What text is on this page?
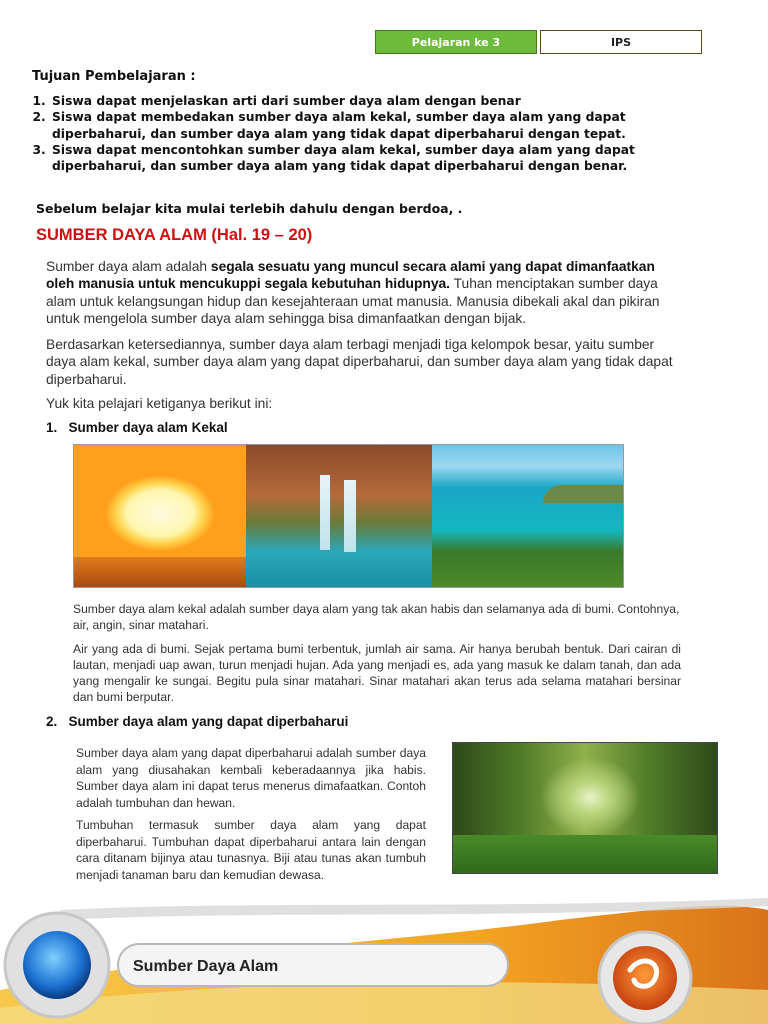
Pelajaran ke 3	IPS
Tujuan Pembelajaran :
1. Siswa dapat menjelaskan arti dari sumber daya alam dengan benar
2. Siswa dapat membedakan sumber daya alam kekal, sumber daya alam yang dapat diperbaharui, dan sumber daya alam yang tidak dapat diperbaharui dengan tepat.
3. Siswa dapat mencontohkan sumber daya alam kekal, sumber daya alam yang dapat diperbaharui, dan sumber daya alam yang tidak dapat diperbaharui dengan benar.
Sebelum belajar kita mulai terlebih dahulu dengan berdoa, .
SUMBER DAYA ALAM (Hal. 19 – 20)

Sumber daya alam adalah segala sesuatu yang muncul secara alami yang dapat dimanfaatkan oleh manusia untuk mencukuppi segala kebutuhan hidupnya. Tuhan menciptakan sumber daya alam untuk kelangsungan hidup dan kesejahteraan umat manusia. Manusia dibekali akal dan pikiran untuk mengelola sumber daya alam sehingga bisa dimanfaatkan dengan bijak.

Berdasarkan ketersediannya, sumber daya alam terbagi menjadi tiga kelompok besar, yaitu sumber daya alam kekal, sumber daya alam yang dapat diperbaharui, dan sumber daya alam yang tidak dapat diperbaharui.

Yuk kita pelajari ketiganya berikut ini:

1.   Sumber daya alam Kekal

Sumber daya alam kekal adalah sumber daya alam yang tak akan habis dan selamanya ada di bumi. Contohnya, air, angin, sinar matahari.

Air yang ada di bumi. Sejak pertama bumi terbentuk, jumlah air sama. Air hanya berubah bentuk. Dari cairan di lautan, menjadi uap awan, turun menjadi hujan. Ada yang menjadi es, ada yang masuk ke dalam tanah, dan ada yang mengalir ke sungai. Begitu pula sinar matahari. Sinar matahari akan terus ada selama matahari bersinar dan bumi berputar.

2.   Sumber daya alam yang dapat diperbaharui

Sumber daya alam yang dapat diperbaharui adalah sumber daya alam yang diusahakan kembali keberadaannya jika habis. Sumber daya alam ini dapat terus menerus dimafaatkan. Contoh adalah tumbuhan dan hewan.

Tumbuhan termasuk sumber daya alam yang dapat diperbaharui. Tumbuhan dapat diperbaharui antara lain dengan cara ditanam bijinya atau tunasnya. Biji atau tunas akan tumbuh menjadi tanaman baru dan kemudian dewasa.

Sumber Daya Alam
